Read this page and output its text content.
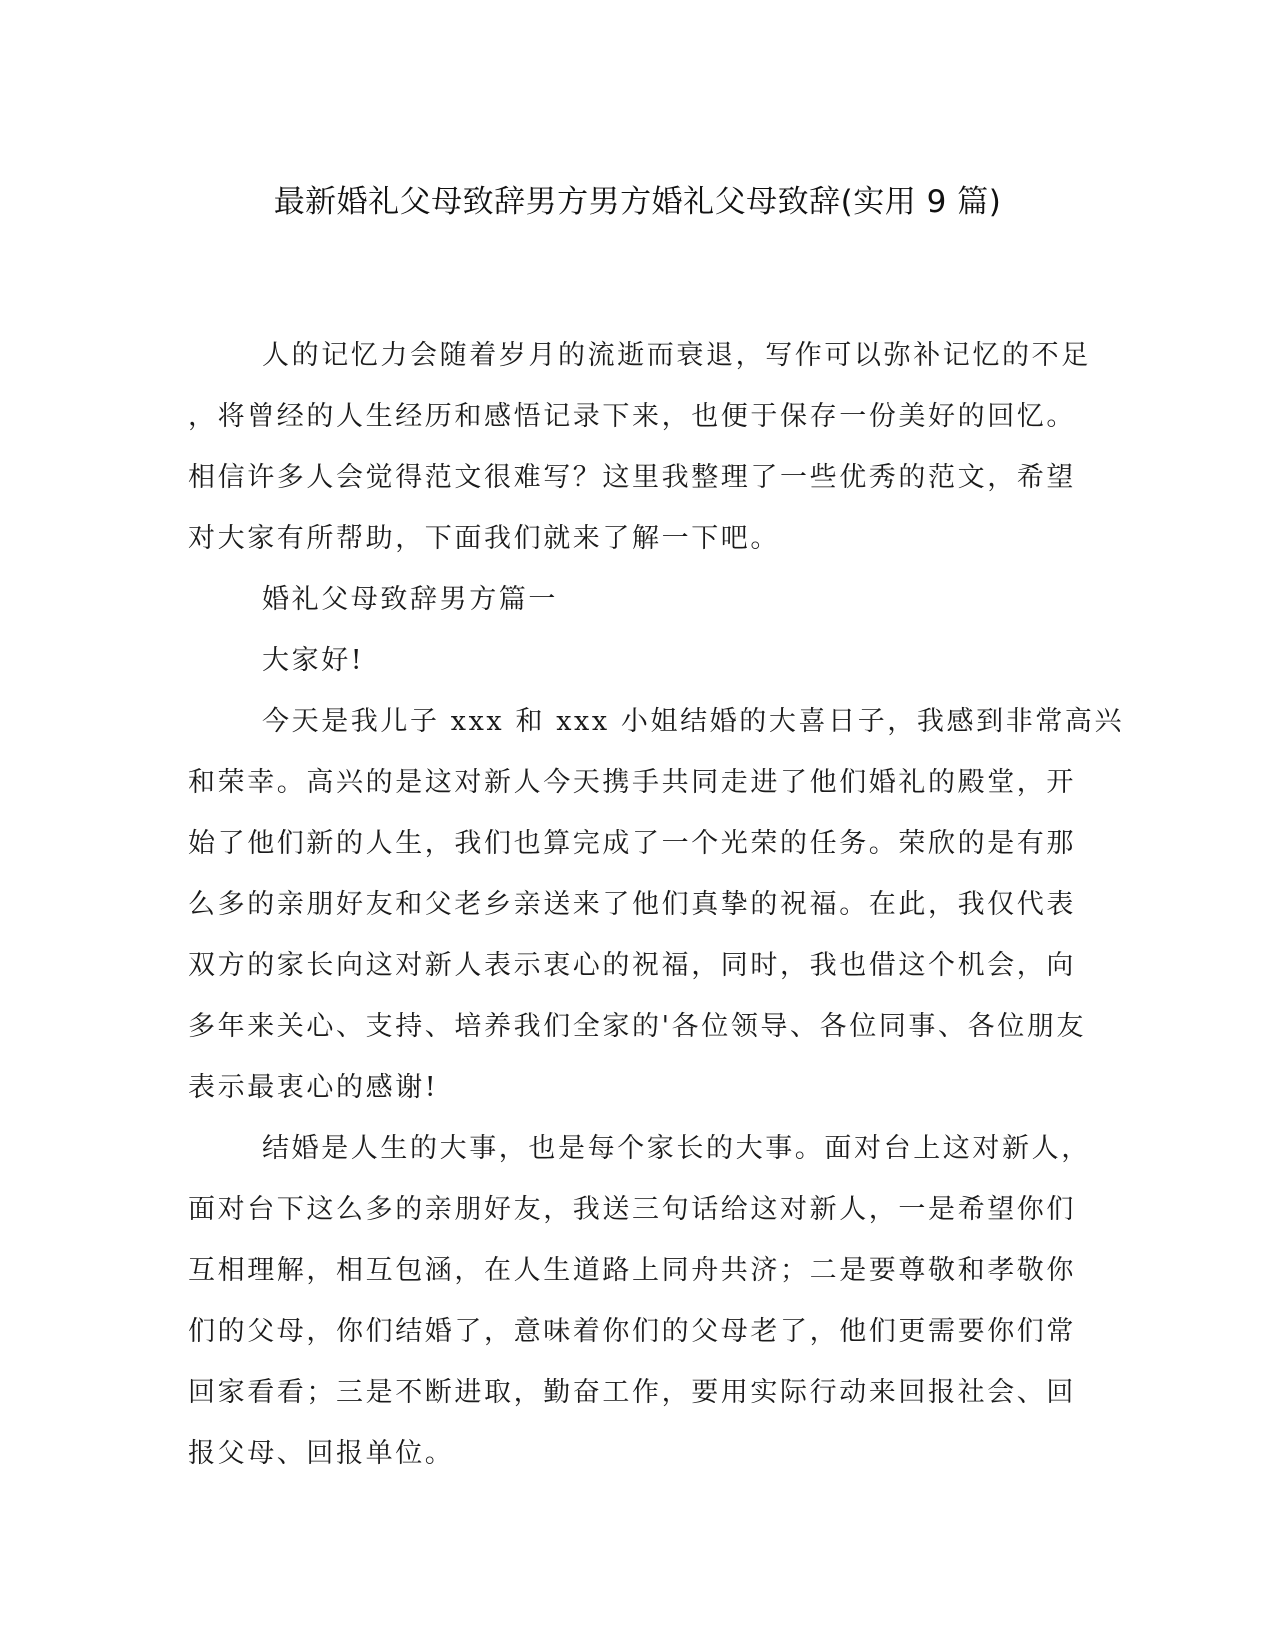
最新婚礼父母致辞男方男方婚礼父母致辞(实用 9 篇)
人的记忆力会随着岁月的流逝而衰退，写作可以弥补记忆的不足
，将曾经的人生经历和感悟记录下来，也便于保存一份美好的回忆。
相信许多人会觉得范文很难写？这里我整理了一些优秀的范文，希望
对大家有所帮助，下面我们就来了解一下吧。
婚礼父母致辞男方篇一
大家好!
今天是我儿子 xxx 和 xxx 小姐结婚的大喜日子，我感到非常高兴
和荣幸。高兴的是这对新人今天携手共同走进了他们婚礼的殿堂，开
始了他们新的人生，我们也算完成了一个光荣的任务。荣欣的是有那
么多的亲朋好友和父老乡亲送来了他们真挚的祝福。在此，我仅代表
双方的家长向这对新人表示衷心的祝福，同时，我也借这个机会，向
多年来关心、支持、培养我们全家的'各位领导、各位同事、各位朋友
表示最衷心的感谢!
结婚是人生的大事，也是每个家长的大事。面对台上这对新人，
面对台下这么多的亲朋好友，我送三句话给这对新人，一是希望你们
互相理解，相互包涵，在人生道路上同舟共济；二是要尊敬和孝敬你
们的父母，你们结婚了，意味着你们的父母老了，他们更需要你们常
回家看看；三是不断进取，勤奋工作，要用实际行动来回报社会、回
报父母、回报单位。
